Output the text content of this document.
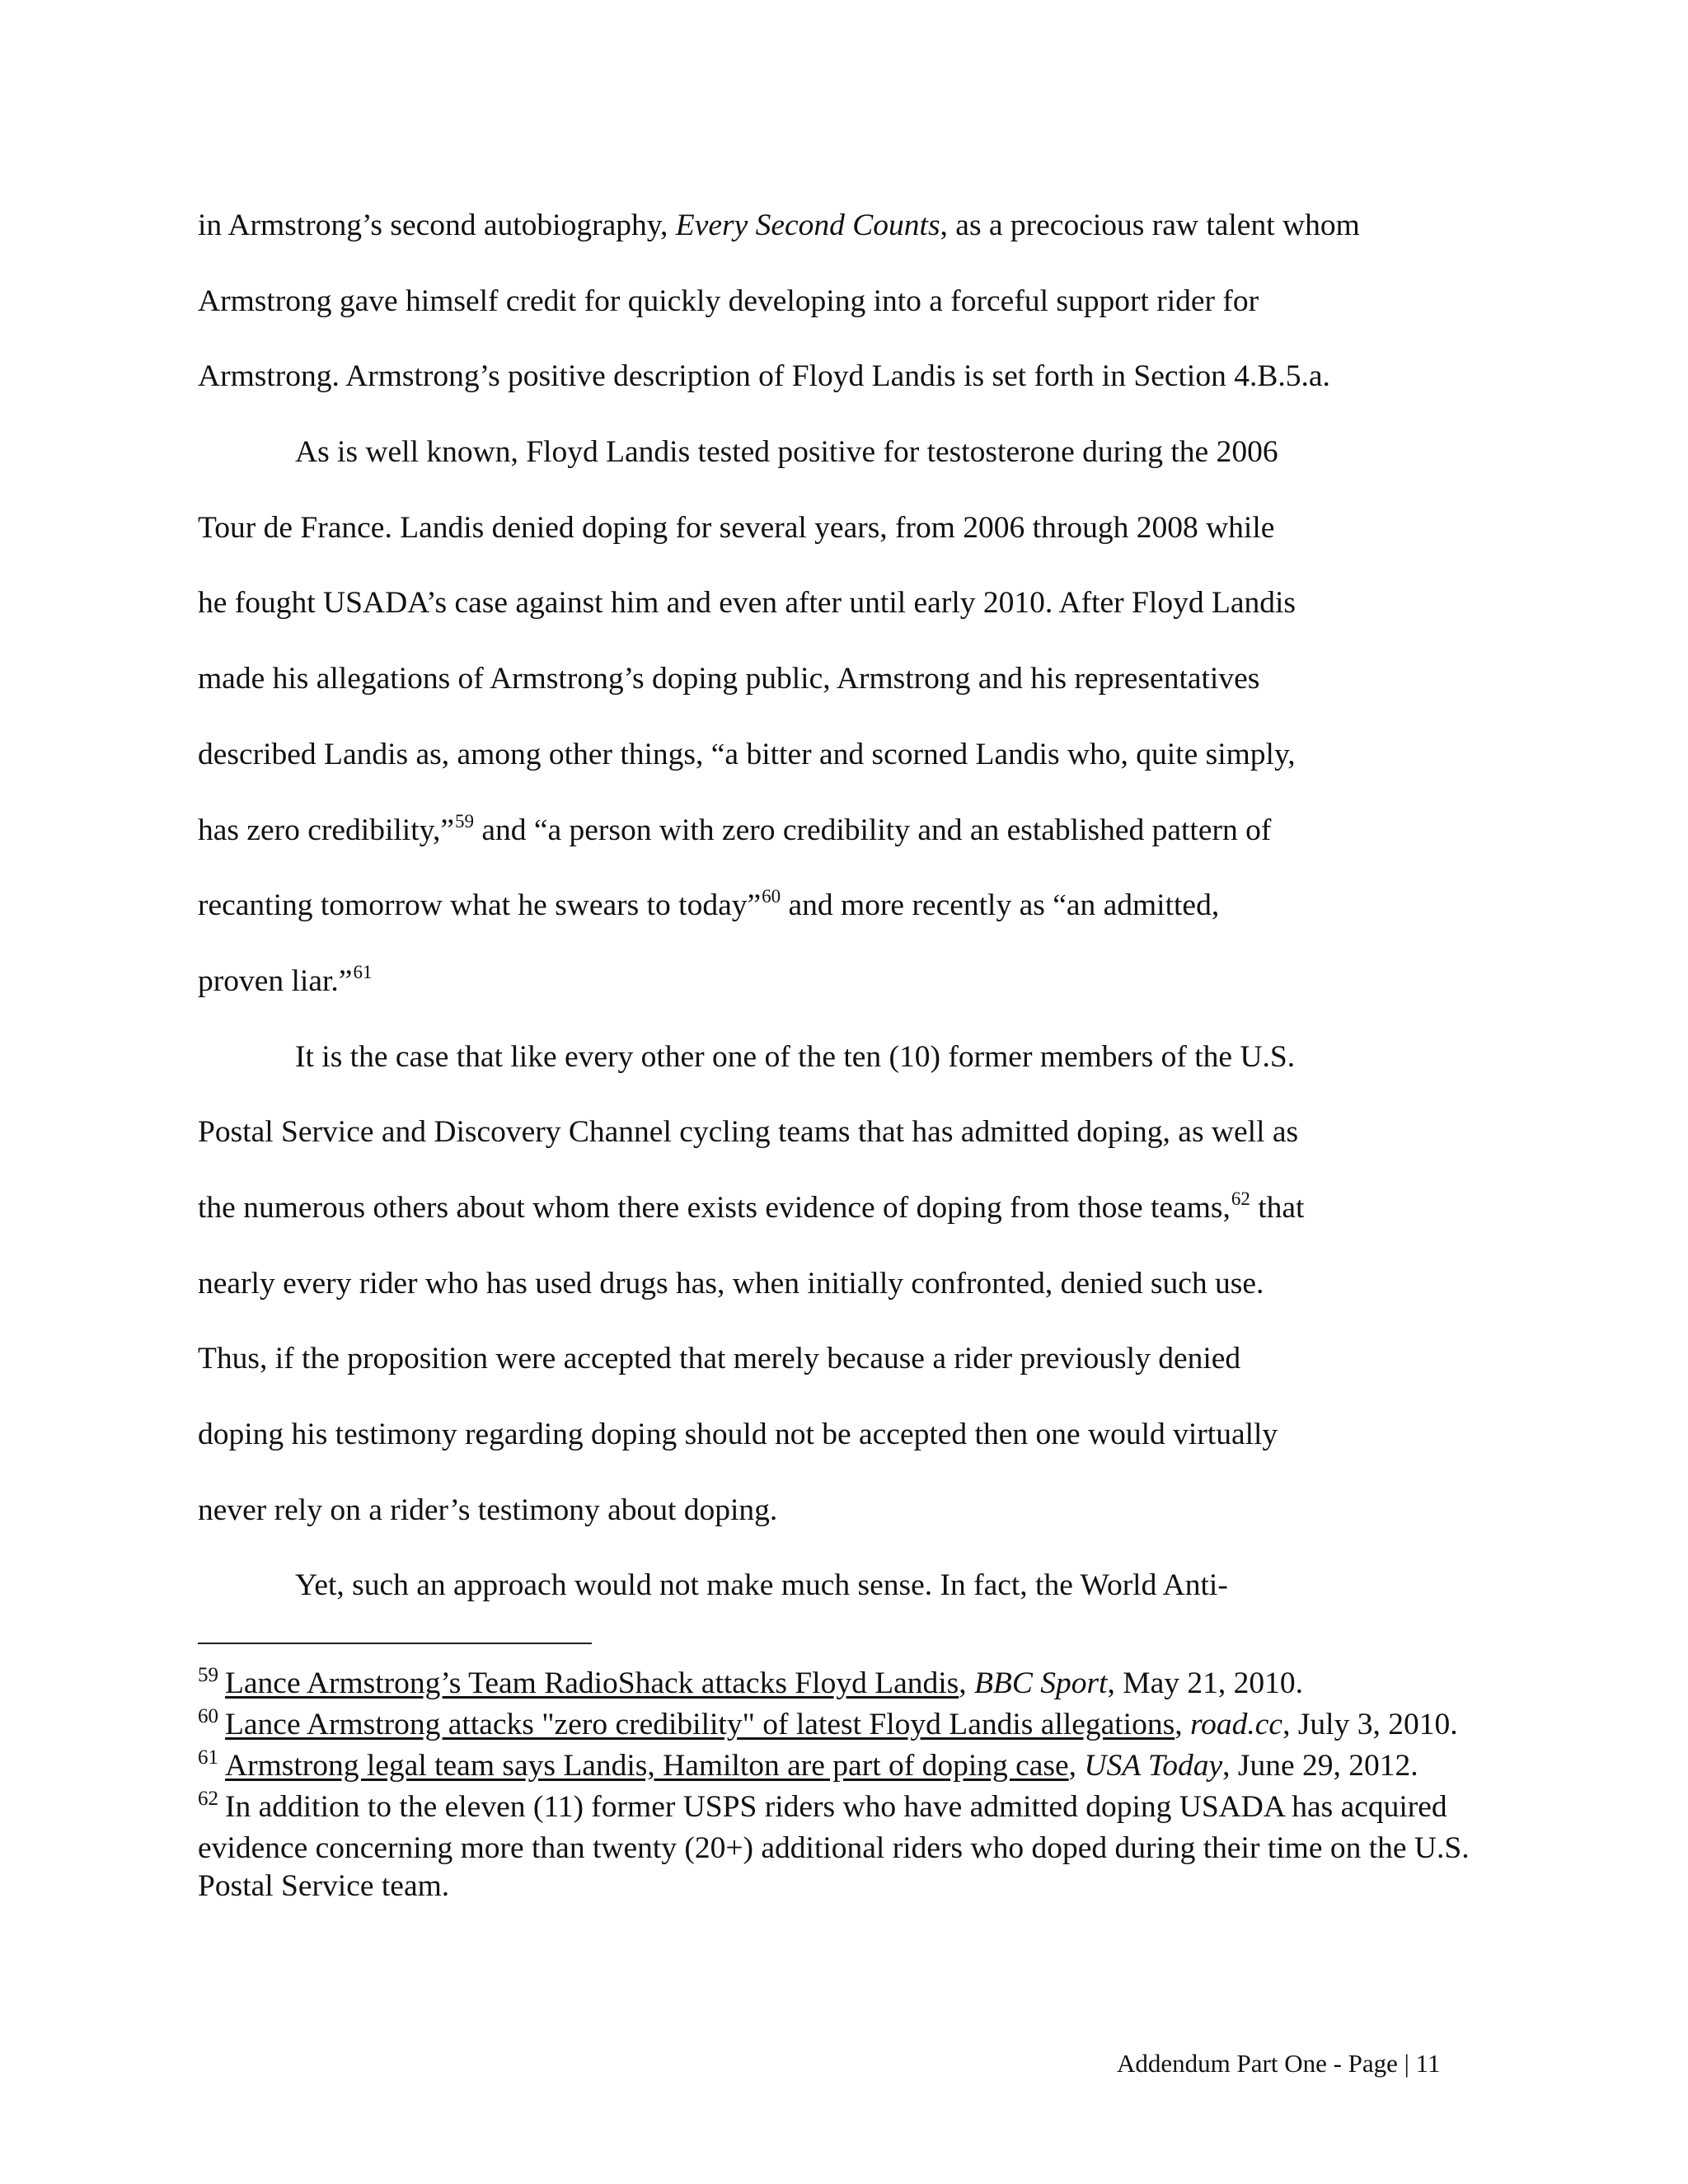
in Armstrong’s second autobiography, Every Second Counts, as a precocious raw talent whom
Armstrong gave himself credit for quickly developing into a forceful support rider for
Armstrong. Armstrong’s positive description of Floyd Landis is set forth in Section 4.B.5.a.
As is well known, Floyd Landis tested positive for testosterone during the 2006
Tour de France. Landis denied doping for several years, from 2006 through 2008 while
he fought USADA’s case against him and even after until early 2010. After Floyd Landis
made his allegations of Armstrong’s doping public, Armstrong and his representatives
described Landis as, among other things, “a bitter and scorned Landis who, quite simply,
has zero credibility,”$^{59}$ and “a person with zero credibility and an established pattern of
recanting tomorrow what he swears to today”$^{60}$ and more recently as “an admitted,
proven liar.”$^{61}$
It is the case that like every other one of the ten (10) former members of the U.S.
Postal Service and Discovery Channel cycling teams that has admitted doping, as well as
the numerous others about whom there exists evidence of doping from those teams,$^{62}$ that
nearly every rider who has used drugs has, when initially confronted, denied such use.
Thus, if the proposition were accepted that merely because a rider previously denied
doping his testimony regarding doping should not be accepted then one would virtually
never rely on a rider’s testimony about doping.
Yet, such an approach would not make much sense. In fact, the World Anti-
$^{59}$ Lance Armstrong’s Team RadioShack attacks Floyd Landis, BBC Sport, May 21, 2010.
$^{60}$ Lance Armstrong attacks "zero credibility" of latest Floyd Landis allegations, road.cc, July 3, 2010.
$^{61}$ Armstrong legal team says Landis, Hamilton are part of doping case, USA Today, June 29, 2012.
$^{62}$ In addition to the eleven (11) former USPS riders who have admitted doping USADA has acquired evidence concerning more than twenty (20+) additional riders who doped during their time on the U.S. Postal Service team.
Addendum Part One - Page | 11
